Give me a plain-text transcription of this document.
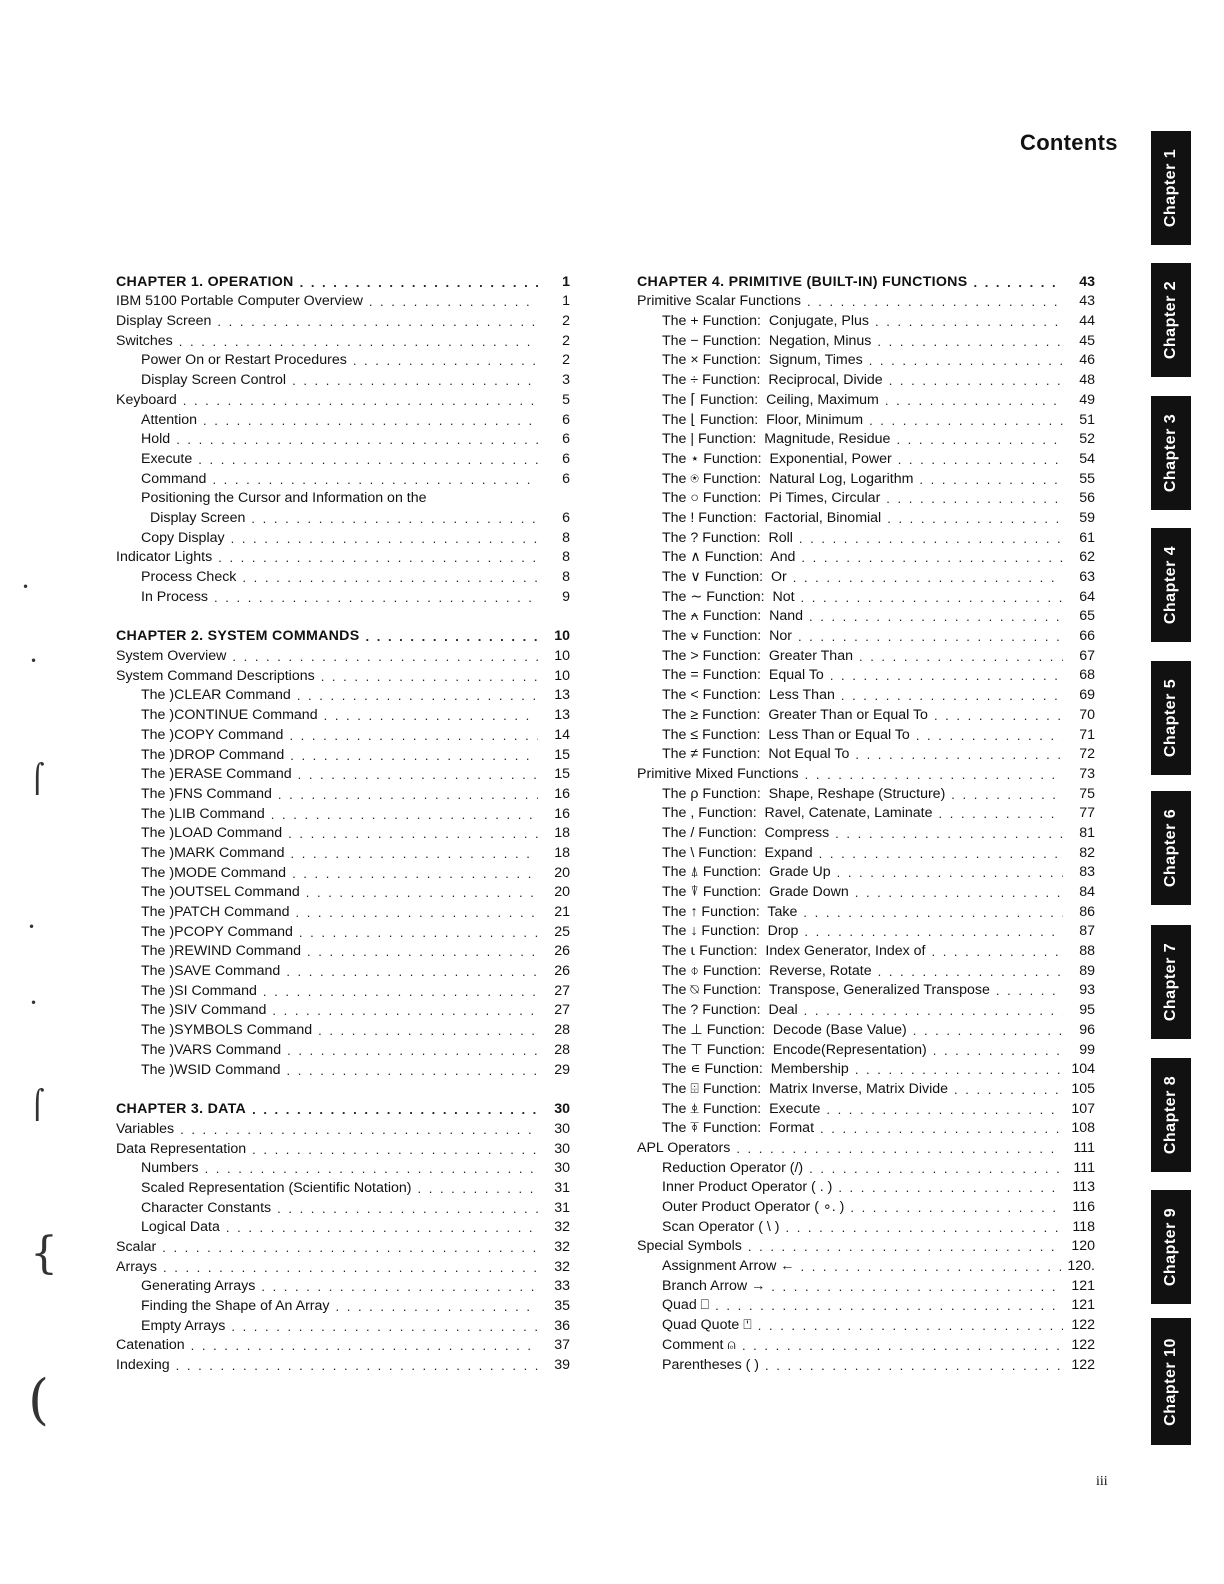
Contents
CHAPTER 1. OPERATION . . .	1
IBM 5100 Portable Computer Overview . . .	1
Display Screen . . .	2
Switches . . .	2
Power On or Restart Procedures . . .	2
Display Screen Control . . .	3
Keyboard . . .	5
Attention . . .	6
Hold . . .	6
Execute . . .	6
Command . . .	6
Positioning the Cursor and Information on the
Display Screen . . .	6
Copy Display . . .	8
Indicator Lights . . .	8
Process Check . . .	8
In Process . . .	9
CHAPTER 2. SYSTEM COMMANDS . . .	10
System Overview . . .	10
System Command Descriptions . . .	10
The )CLEAR Command . . .	13
The )CONTINUE Command . . .	13
The )COPY Command . . .	14
The )DROP Command . . .	15
The )ERASE Command . . .	15
The )FNS Command . . .	16
The )LIB Command . . .	16
The )LOAD Command . . .	18
The )MARK Command . . .	18
The )MODE Command . . .	20
The )OUTSEL Command . . .	20
The )PATCH Command . . .	21
The )PCOPY Command . . .	25
The )REWIND Command . . .	26
The )SAVE Command . . .	26
The )SI Command . . .	27
The )SIV Command . . .	27
The )SYMBOLS Command . . .	28
The )VARS Command . . .	28
The )WSID Command . . .	29
CHAPTER 3. DATA . . .	30
Variables . . .	30
Data Representation . . .	30
Numbers . . .	30
Scaled Representation (Scientific Notation) . . .	31
Character Constants . . .	31
Logical Data . . .	32
Scalar . . .	32
Arrays . . .	32
Generating Arrays . . .	33
Finding the Shape of An Array . . .	35
Empty Arrays . . .	36
Catenation . . .	37
Indexing . . .	39
CHAPTER 4. PRIMITIVE (BUILT-IN) FUNCTIONS . . .	43
Primitive Scalar Functions . . .	43
The + Function:  Conjugate, Plus . . .	44
The − Function:  Negation, Minus . . .	45
The × Function:  Signum, Times . . .	46
The ÷ Function:  Reciprocal, Divide . . .	48
The ⌈ Function:  Ceiling, Maximum . . .	49
The ⌊ Function:  Floor, Minimum . . .	51
The | Function:  Magnitude, Residue . . .	52
The ⋆ Function:  Exponential, Power . . .	54
The ⍟ Function:  Natural Log, Logarithm . . .	55
The ○ Function:  Pi Times, Circular . . .	56
The ! Function:  Factorial, Binomial . . .	59
The ? Function:  Roll . . .	61
The ∧ Function:  And . . .	62
The ∨ Function:  Or . . .	63
The ∼ Function:  Not . . .	64
The ⍲ Function:  Nand . . .	65
The ⍱ Function:  Nor . . .	66
The > Function:  Greater Than . . .	67
The = Function:  Equal To . . .	68
The < Function:  Less Than . . .	69
The ≥ Function:  Greater Than or Equal To . . .	70
The ≤ Function:  Less Than or Equal To . . .	71
The ≠ Function:  Not Equal To . . .	72
Primitive Mixed Functions . . .	73
The ρ Function:  Shape, Reshape (Structure) . . .	75
The , Function:  Ravel, Catenate, Laminate . . .	77
The / Function:  Compress . . .	81
The \ Function:  Expand . . .	82
The ⍋ Function:  Grade Up . . .	83
The ⍒ Function:  Grade Down . . .	84
The ↑ Function:  Take . . .	86
The ↓ Function:  Drop . . .	87
The ⍳ Function:  Index Generator, Index of . . .	88
The ⌽ Function:  Reverse, Rotate . . .	89
The ⍉ Function:  Transpose, Generalized Transpose . . .	93
The ? Function:  Deal . . .	95
The ⊥ Function:  Decode (Base Value) . . .	96
The ⊤ Function:  Encode(Representation) . . .	99
The ∊ Function:  Membership . . .	104
The ⌹ Function:  Matrix Inverse, Matrix Divide . . .	105
The ⍎ Function:  Execute . . .	107
The ⍕ Function:  Format . . .	108
APL Operators . . .	111
Reduction Operator (/) . . .	111
Inner Product Operator ( . ) . . .	113
Outer Product Operator ( ∘. ) . . .	116
Scan Operator ( \ ) . . .	118
Special Symbols . . .	120
Assignment Arrow ← . . .	120.
Branch Arrow → . . .	121
Quad ⎕ . . .	121
Quad Quote ⍞ . . .	122
Comment ⍝ . . .	122
Parentheses ( ) . . .	122
Chapter 1
Chapter 2
Chapter 3
Chapter 4
Chapter 5
Chapter 6
Chapter 7
Chapter 8
Chapter 9
Chapter 10
iii
•
•
•
•
⌠
⌠
{
(
